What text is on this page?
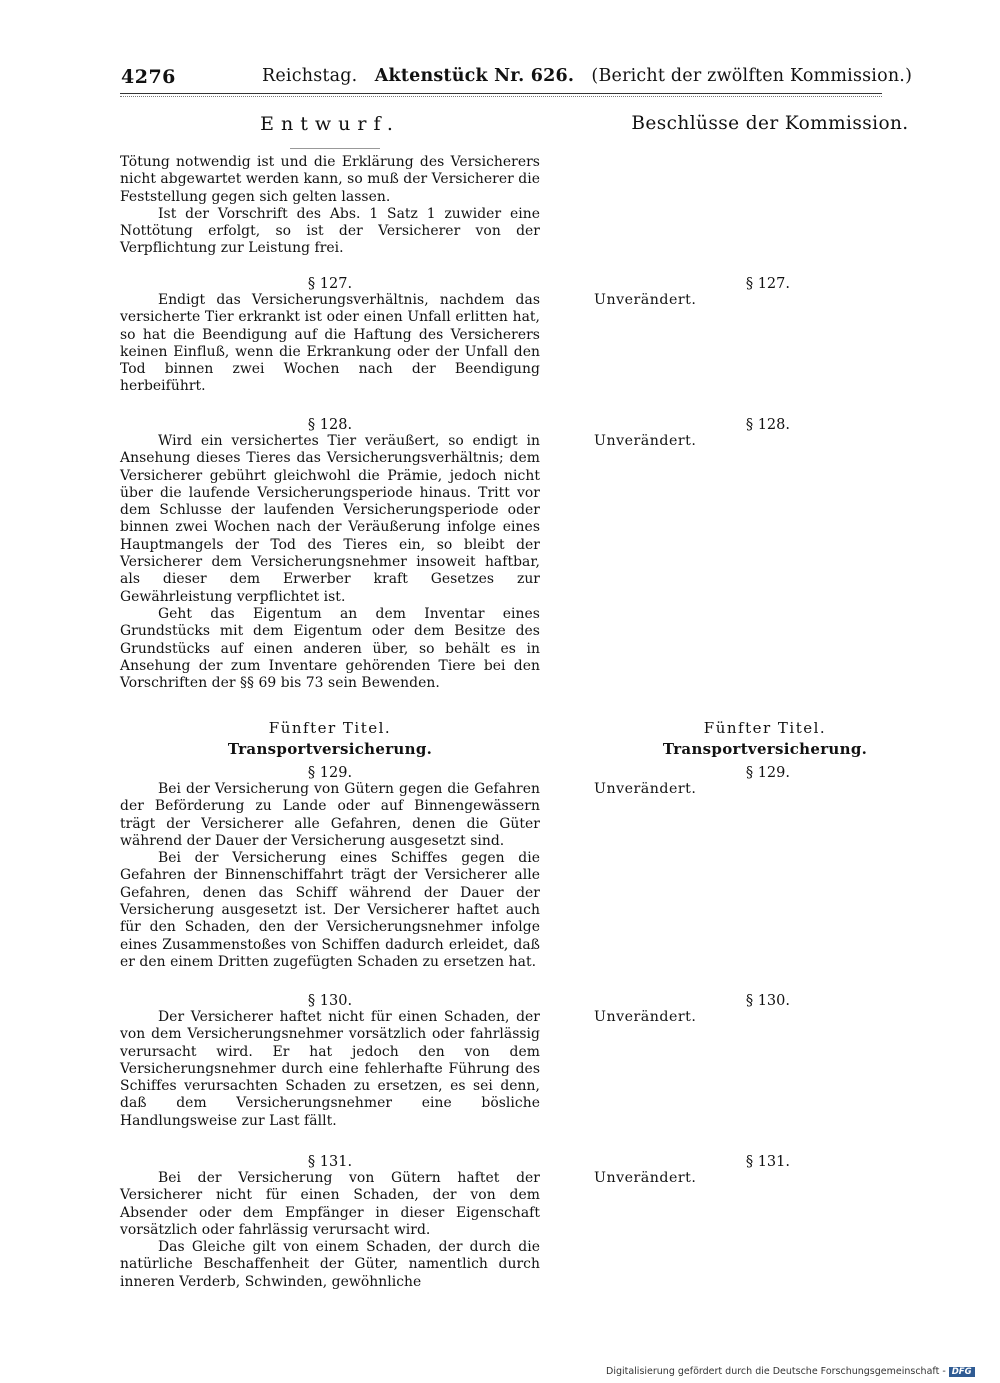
4276	Reichstag. Aktenstück Nr. 626. (Bericht der zwölften Kommission.)
Entwurf.	Beschlüsse der Kommission.

Tötung notwendig ist und die Erklärung des Versicherers nicht abgewartet werden kann, so muß der Versicherer die Feststellung gegen sich gelten lassen.

Ist der Vorschrift des Abs. 1 Satz 1 zuwider eine Nottötung erfolgt, so ist der Versicherer von der Verpflichtung zur Leistung frei.

§ 127.

Endigt das Versicherungsverhältnis, nachdem das versicherte Tier erkrankt ist oder einen Unfall erlitten hat, so hat die Beendigung auf die Haftung des Versicherers keinen Einfluß, wenn die Erkrankung oder der Unfall den Tod binnen zwei Wochen nach der Beendigung herbeiführt.

§ 128.

Wird ein versichertes Tier veräußert, so endigt in Ansehung dieses Tieres das Versicherungsverhältnis; dem Versicherer gebührt gleichwohl die Prämie, jedoch nicht über die laufende Versicherungsperiode hinaus. Tritt vor dem Schlusse der laufenden Versicherungsperiode oder binnen zwei Wochen nach der Veräußerung infolge eines Hauptmangels der Tod des Tieres ein, so bleibt der Versicherer dem Versicherungsnehmer insoweit haftbar, als dieser dem Erwerber kraft Gesetzes zur Gewährleistung verpflichtet ist.

Geht das Eigentum an dem Inventar eines Grundstücks mit dem Eigentum oder dem Besitze des Grundstücks auf einen anderen über, so behält es in Ansehung der zum Inventare gehörenden Tiere bei den Vorschriften der §§ 69 bis 73 sein Bewenden.

Fünfter Titel.
Transportversicherung.
§ 129.

Bei der Versicherung von Gütern gegen die Gefahren der Beförderung zu Lande oder auf Binnengewässern trägt der Versicherer alle Gefahren, denen die Güter während der Dauer der Versicherung ausgesetzt sind.

Bei der Versicherung eines Schiffes gegen die Gefahren der Binnenschiffahrt trägt der Versicherer alle Gefahren, denen das Schiff während der Dauer der Versicherung ausgesetzt ist. Der Versicherer haftet auch für den Schaden, den der Versicherungsnehmer infolge eines Zusammenstoßes von Schiffen dadurch erleidet, daß er den einem Dritten zugefügten Schaden zu ersetzen hat.

§ 130.

Der Versicherer haftet nicht für einen Schaden, der von dem Versicherungsnehmer vorsätzlich oder fahrlässig verursacht wird. Er hat jedoch den von dem Versicherungsnehmer durch eine fehlerhafte Führung des Schiffes verursachten Schaden zu ersetzen, es sei denn, daß dem Versicherungsnehmer eine bösliche Handlungsweise zur Last fällt.

§ 131.

Bei der Versicherung von Gütern haftet der Versicherer nicht für einen Schaden, der von dem Absender oder dem Empfänger in dieser Eigenschaft vorsätzlich oder fahrlässig verursacht wird.

Das Gleiche gilt von einem Schaden, der durch die natürliche Beschaffenheit der Güter, namentlich durch inneren Verderb, Schwinden, gewöhnliche

§ 127.
Unverändert.
§ 128.
Unverändert.
Fünfter Titel.
Transportversicherung.
§ 129.
Unverändert.
§ 130.
Unverändert.
§ 131.
Unverändert.
Digitalisierung gefördert durch die Deutsche Forschungsgemeinschaft - DFG
